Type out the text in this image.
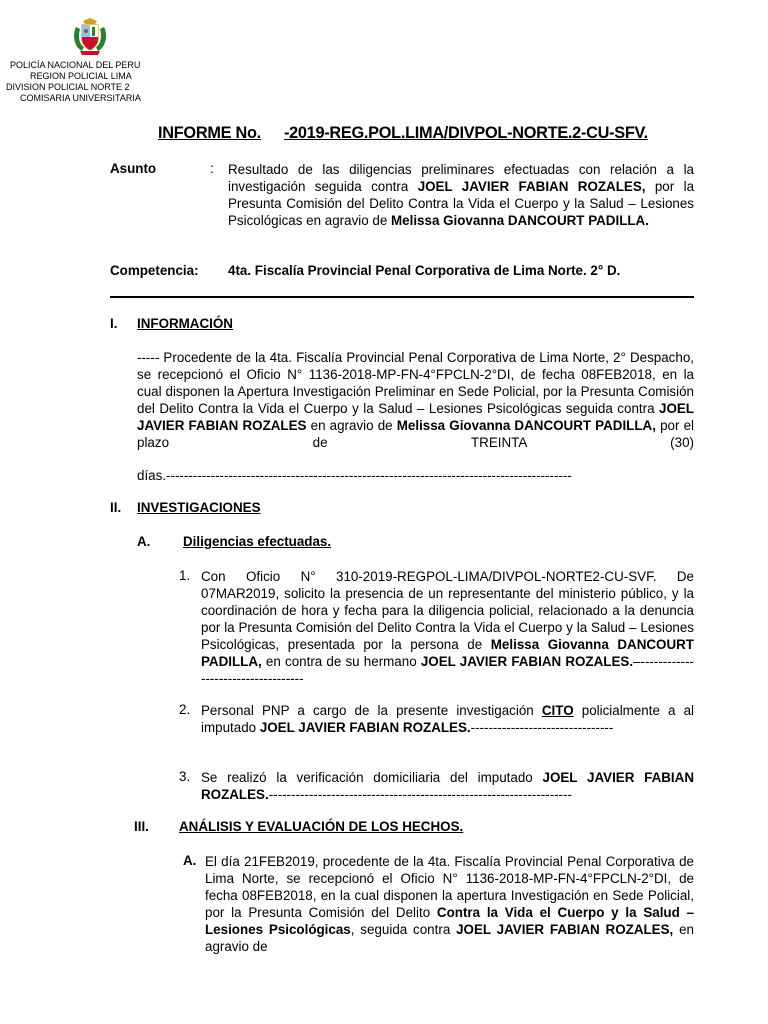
POLICÍA NACIONAL DEL PERU
REGION POLICIAL LIMA
DIVISION POLICIAL NORTE 2
COMISARIA UNIVERSITARIA
INFORME No. -2019-REG.POL.LIMA/DIVPOL-NORTE.2-CU-SFV.
Asunto	: Resultado de las diligencias preliminares efectuadas con relación a la investigación seguida contra JOEL JAVIER FABIAN ROZALES, por la Presunta Comisión del Delito Contra la Vida el Cuerpo y la Salud – Lesiones Psicológicas en agravio de Melissa Giovanna DANCOURT PADILLA.
Competencia: 4ta. Fiscalía Provincial Penal Corporativa de Lima Norte. 2° D.
I. INFORMACIÓN
----- Procedente de la 4ta. Fiscalía Provincial Penal Corporativa de Lima Norte, 2° Despacho, se recepcionó el Oficio N° 1136-2018-MP-FN-4°FPCLN-2°DI, de fecha 08FEB2018, en la cual disponen la Apertura Investigación Preliminar en Sede Policial, por la Presunta Comisión del Delito Contra la Vida el Cuerpo y la Salud – Lesiones Psicológicas seguida contra JOEL JAVIER FABIAN ROZALES en agravio de Melissa Giovanna DANCOURT PADILLA, por el plazo de TREINTA (30)
días.-------------------------------------------------------------------------------------------
II. INVESTIGACIONES
A. Diligencias efectuadas.
1. Con Oficio N° 310-2019-REGPOL-LIMA/DIVPOL-NORTE2-CU-SVF. De 07MAR2019, solicito la presencia de un representante del ministerio público, y la coordinación de hora y fecha para la diligencia policial, relacionado a la denuncia por la Presunta Comisión del Delito Contra la Vida el Cuerpo y la Salud – Lesiones Psicológicas, presentada por la persona de Melissa Giovanna DANCOURT PADILLA, en contra de su hermano JOEL JAVIER FABIAN ROZALES.–-----------------------------------
2. Personal PNP a cargo de la presente investigación CITO policialmente a al imputado JOEL JAVIER FABIAN ROZALES.--------------------------------
3. Se realizó la verificación domiciliaria del imputado JOEL JAVIER FABIAN ROZALES.--------------------------------------------------------------------
III. ANÁLISIS Y EVALUACIÓN DE LOS HECHOS.
A. El día 21FEB2019, procedente de la 4ta. Fiscalía Provincial Penal Corporativa de Lima Norte, se recepcionó el Oficio N° 1136-2018-MP-FN-4°FPCLN-2°DI, de fecha 08FEB2018, en la cual disponen la apertura Investigación en Sede Policial, por la Presunta Comisión del Delito Contra la Vida el Cuerpo y la Salud – Lesiones Psicológicas, seguida contra JOEL JAVIER FABIAN ROZALES, en agravio de
